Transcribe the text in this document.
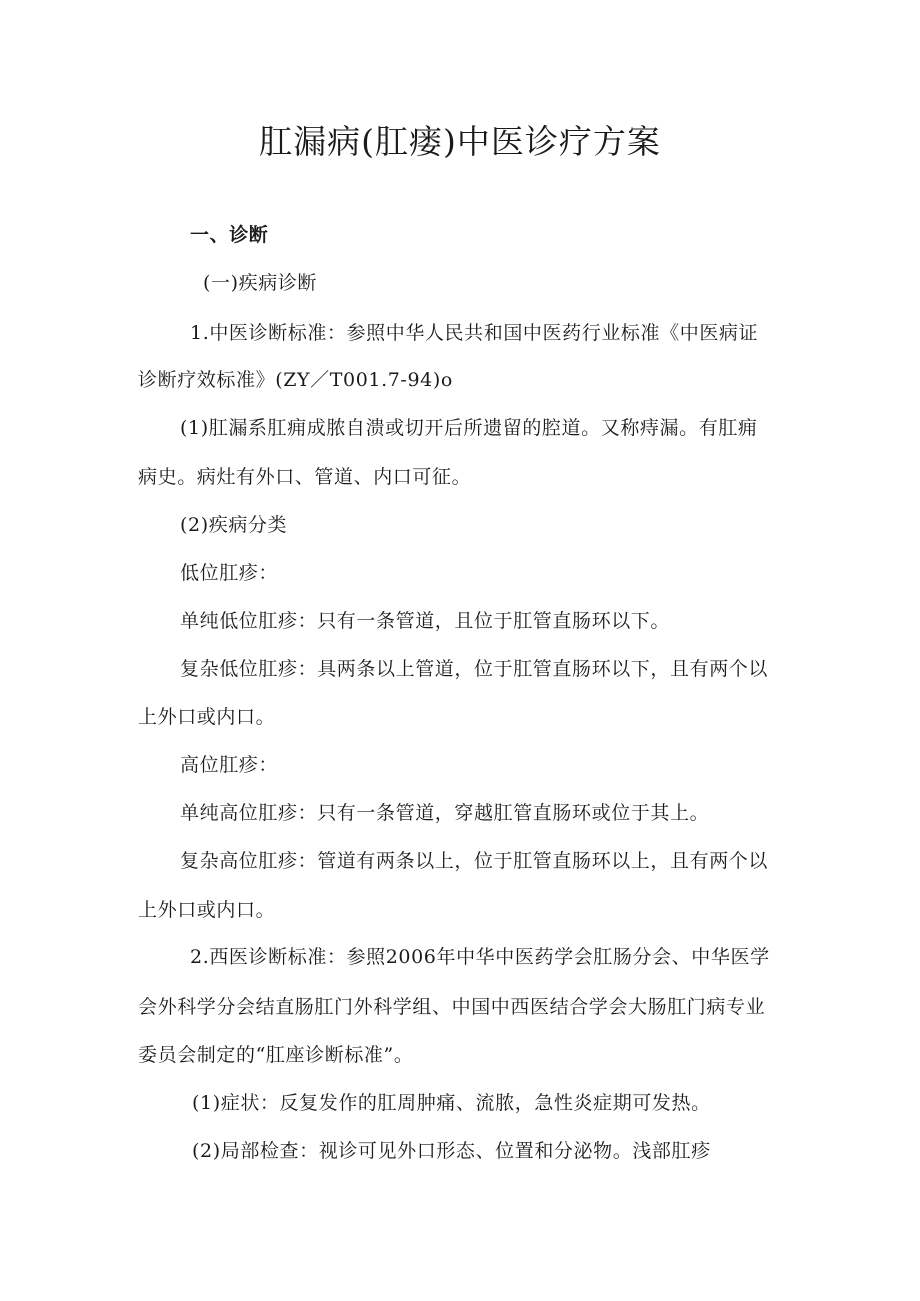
肛漏病(肛瘘)中医诊疗方案
一、诊断
(一)疾病诊断
1.中医诊断标准：参照中华人民共和国中医药行业标准《中医病证
诊断疗效标准》(ZY／T001.7-94)o
(1)肛漏系肛痈成脓自溃或切开后所遗留的腔道。又称痔漏。有肛痈
病史。病灶有外口、管道、内口可征。
(2)疾病分类
低位肛疹：
单纯低位肛疹：只有一条管道，且位于肛管直肠环以下。
复杂低位肛疹：具两条以上管道，位于肛管直肠环以下，且有两个以
上外口或内口。
高位肛疹：
单纯高位肛疹：只有一条管道，穿越肛管直肠环或位于其上。
复杂高位肛疹：管道有两条以上，位于肛管直肠环以上，且有两个以
上外口或内口。
2.西医诊断标准：参照2006年中华中医药学会肛肠分会、中华医学
会外科学分会结直肠肛门外科学组、中国中西医结合学会大肠肛门病专业
委员会制定的“肛座诊断标准”。
(1)症状：反复发作的肛周肿痛、流脓，急性炎症期可发热。
(2)局部检查：视诊可见外口形态、位置和分泌物。浅部肛疹
